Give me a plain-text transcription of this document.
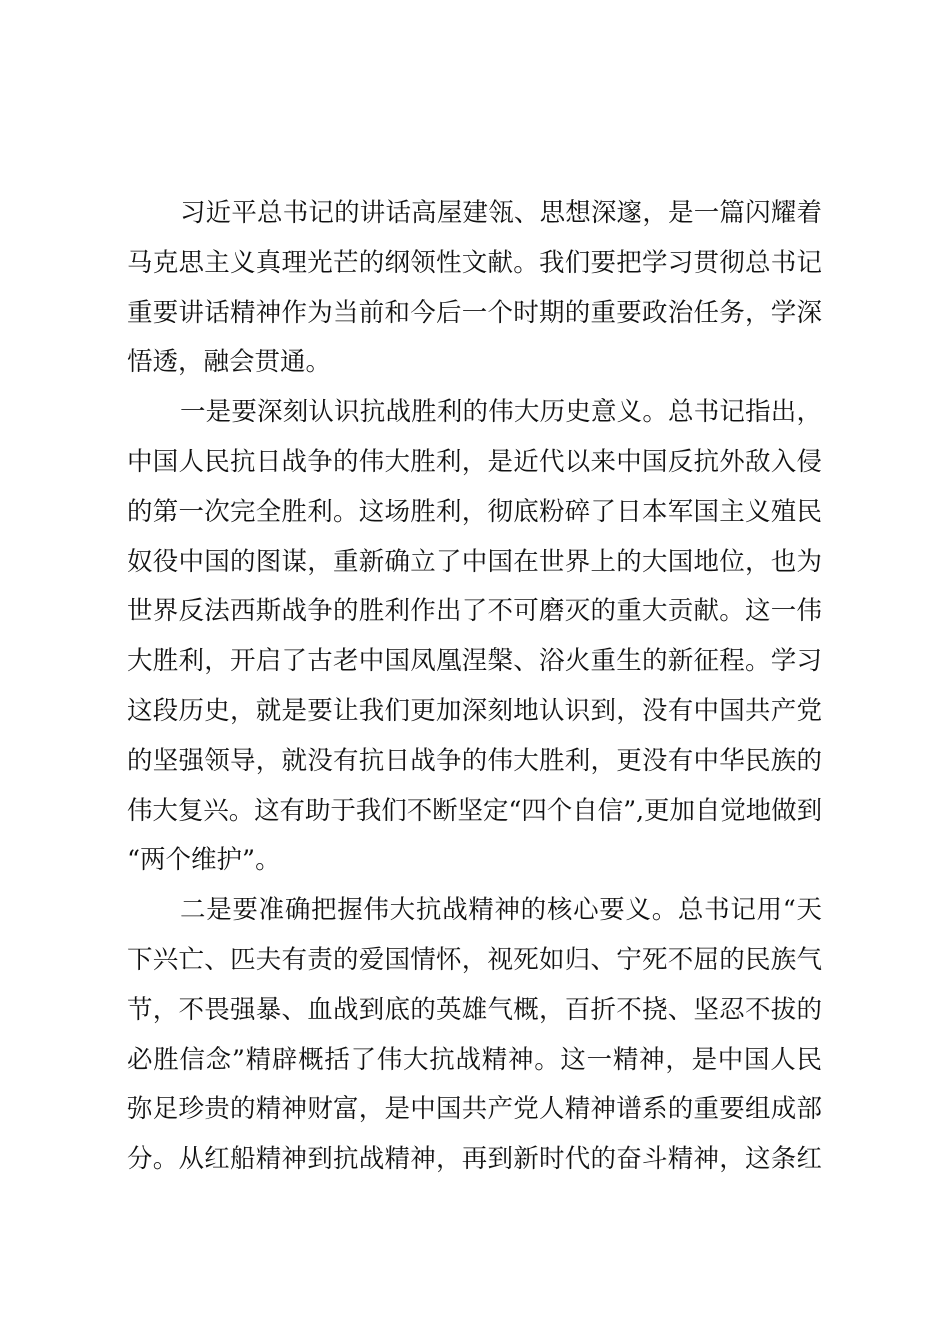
习近平总书记的讲话高屋建瓴、思想深邃，是一篇闪耀着
马克思主义真理光芒的纲领性文献。我们要把学习贯彻总书记
重要讲话精神作为当前和今后一个时期的重要政治任务，学深
悟透，融会贯通。
一是要深刻认识抗战胜利的伟大历史意义。总书记指出，
中国人民抗日战争的伟大胜利，是近代以来中国反抗外敌入侵
的第一次完全胜利。这场胜利，彻底粉碎了日本军国主义殖民
奴役中国的图谋，重新确立了中国在世界上的大国地位，也为
世界反法西斯战争的胜利作出了不可磨灭的重大贡献。这一伟
大胜利，开启了古老中国凤凰涅槃、浴火重生的新征程。学习
这段历史，就是要让我们更加深刻地认识到，没有中国共产党
的坚强领导，就没有抗日战争的伟大胜利，更没有中华民族的
伟大复兴。这有助于我们不断坚定“四个自信”,更加自觉地做到
“两个维护”。
二是要准确把握伟大抗战精神的核心要义。总书记用“天
下兴亡、匹夫有责的爱国情怀，视死如归、宁死不屈的民族气
节，不畏强暴、血战到底的英雄气概，百折不挠、坚忍不拔的
必胜信念”精辟概括了伟大抗战精神。这一精神，是中国人民
弥足珍贵的精神财富，是中国共产党人精神谱系的重要组成部
分。从红船精神到抗战精神，再到新时代的奋斗精神，这条红
